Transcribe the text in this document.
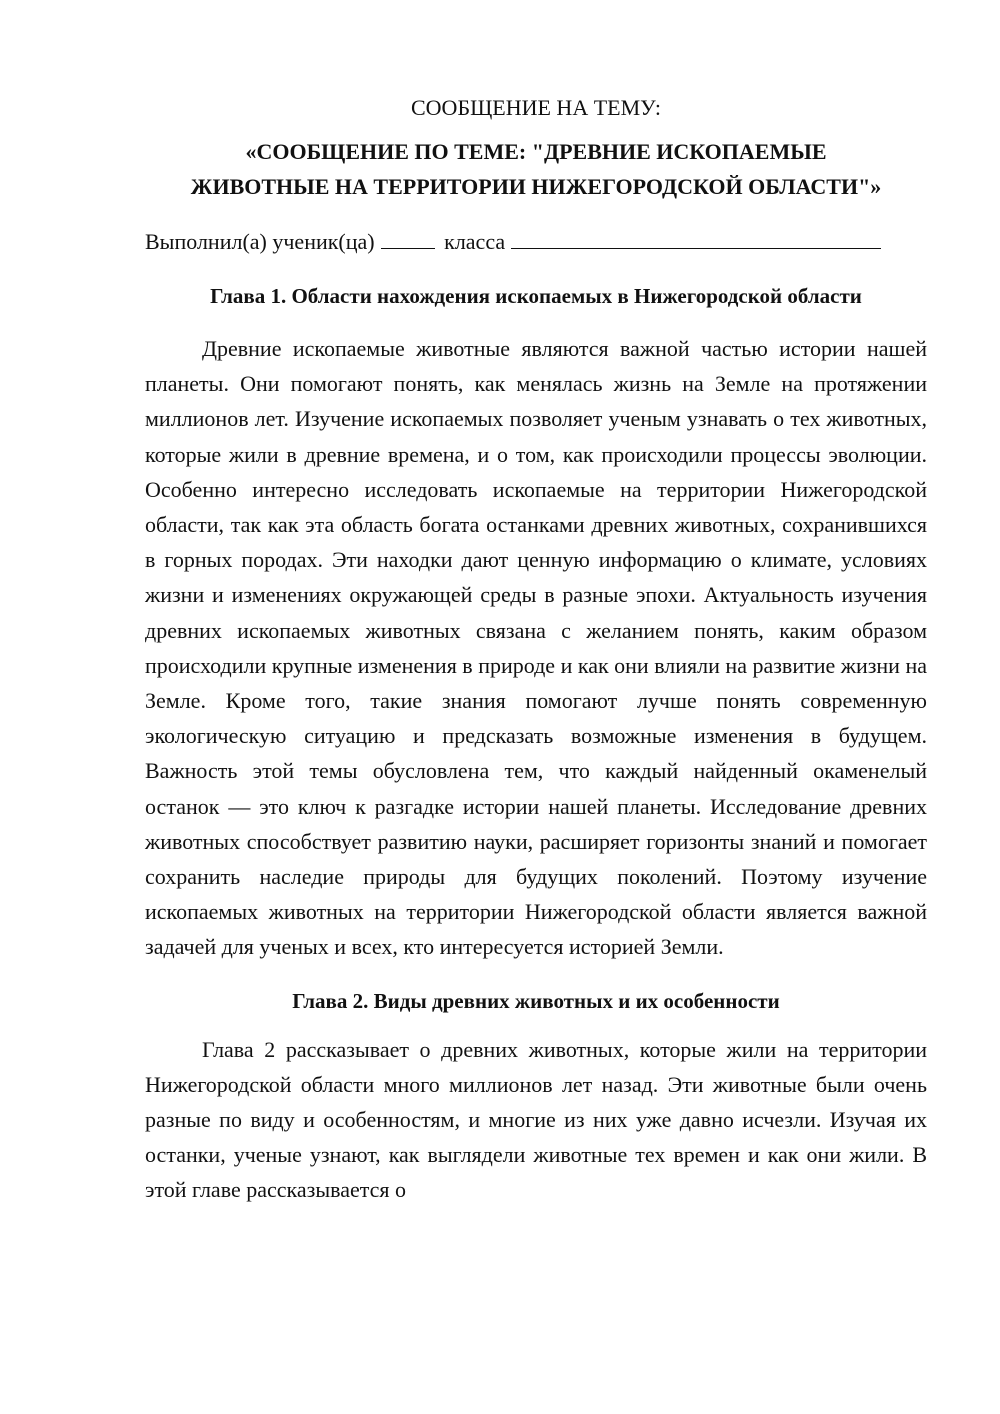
СООБЩЕНИЕ НА ТЕМУ:
«СООБЩЕНИЕ ПО ТЕМЕ: "ДРЕВНИЕ ИСКОПАЕМЫЕ
ЖИВОТНЫЕ НА ТЕРРИТОРИИ НИЖЕГОРОДСКОЙ ОБЛАСТИ"»
Выполнил(а) ученик(ца)	класса
Глава 1. Области нахождения ископаемых в Нижегородской области

Древние ископаемые животные являются важной частью истории нашей планеты. Они помогают понять, как менялась жизнь на Земле на протяжении миллионов лет. Изучение ископаемых позволяет ученым узнавать о тех животных, которые жили в древние времена, и о том, как происходили процессы эволюции. Особенно интересно исследовать ископаемые на территории Нижегородской области, так как эта область богата останками древних животных, сохранившихся в горных породах. Эти находки дают ценную информацию о климате, условиях жизни и изменениях окружающей среды в разные эпохи. Актуальность изучения древних ископаемых животных связана с желанием понять, каким образом происходили крупные изменения в природе и как они влияли на развитие жизни на Земле. Кроме того, такие знания помогают лучше понять современную экологическую ситуацию и предсказать возможные изменения в будущем. Важность этой темы обусловлена тем, что каждый найденный окаменелый останок — это ключ к разгадке истории нашей планеты. Исследование древних животных способствует развитию науки, расширяет горизонты знаний и помогает сохранить наследие природы для будущих поколений. Поэтому изучение ископаемых животных на территории Нижегородской области является важной задачей для ученых и всех, кто интересуется историей Земли.

Глава 2. Виды древних животных и их особенности

Глава 2 рассказывает о древних животных, которые жили на территории Нижегородской области много миллионов лет назад. Эти животные были очень разные по виду и особенностям, и многие из них уже давно исчезли. Изучая их останки, ученые узнают, как выглядели животные тех времен и как они жили. В этой главе рассказывается о
